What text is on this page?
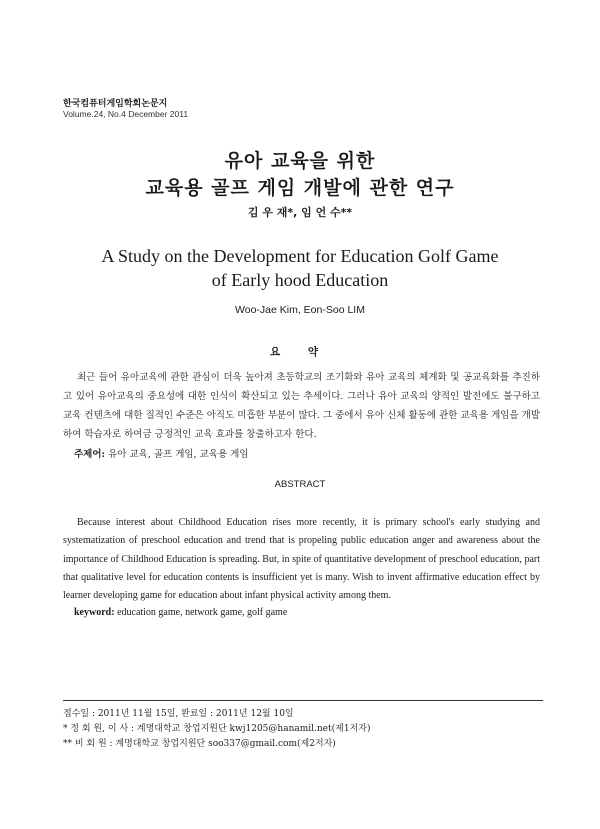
한국컴퓨터게임학회논문지
Volume.24, No.4 December 2011
유아 교육을 위한
교육용 골프 게임 개발에 관한 연구
김 우 재*, 임 언 수**
A Study on the Development for Education Golf Game
of Early hood Education
Woo-Jae Kim, Eon-Soo LIM
요 약
최근 들어 유아교육에 관한 관심이 더욱 높아져 초등학교의 조기화와 유아 교육의 체계화 및 공교육화를 추진하고 있어 유아교육의 중요성에 대한 인식이 확산되고 있는 추세이다. 그러나 유아 교육의 양적인 발전에도 불구하고 교육 컨텐츠에 대한 질적인 수준은 아직도 미흡한 부분이 많다. 그 중에서 유아 신체 활동에 관한 교육용 게임을 개발하여 학습자로 하여금 긍정적인 교육 효과를 창출하고자 한다.
주제어: 유아 교육, 골프 게임, 교육용 게임
ABSTRACT
Because interest about Childhood Education rises more recently, it is primary school's early studying and systematization of preschool education and trend that is propeling public education anger and awareness about the importance of Childhood Education is spreading. But, in spite of quantitative development of preschool education, part that qualitative level for education contents is insufficient yet is many. Wish to invent affirmative education effect by learner developing game for education about infant physical activity among them.
keyword: education game, network game, golf game
접수일 : 2011년 11월 15일, 완료일 : 2011년 12월 10일
* 정 회 원, 이 사 : 계명대학교 창업지원단 kwj1205@hanamil.net(제1저자)
** 비 회 원 : 계명대학교 창업지원단 soo337@gmail.com(제2저자)
